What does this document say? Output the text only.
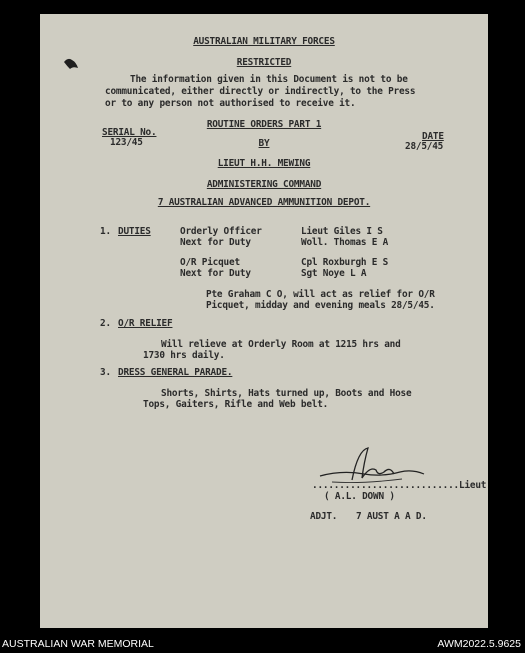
AUSTRALIAN MILITARY FORCES
RESTRICTED
The information given in this Document is not to be
communicated, either directly or indirectly, to the Press
or to any person not authorised to receive it.
ROUTINE ORDERS PART 1
SERIAL No.
123/45
DATE
28/5/45
BY
LIEUT H.H. MEWING
ADMINISTERING COMMAND
7 AUSTRALIAN ADVANCED AMMUNITION DEPOT.
1. DUTIES	Orderly Officer	Lieut Giles I S
Next for Duty	Woll. Thomas E A
O/R Picquet	Cpl Roxburgh E S
Next for Duty	Sgt Noye L A
Pte Graham C O, will act as relief for O/R
Picquet, midday and evening meals 28/5/45.
2. O/R RELIEF
Will relieve at Orderly Room at 1215 hrs and
1730 hrs daily.
3. DRESS GENERAL PARADE.
Shorts, Shirts, Hats turned up, Boots and Hose
Tops, Gaiters, Rifle and Web belt.
...........................Lieut
( A.L. DOWN )
ADJT. 7 AUST A A D.
AUSTRALIAN WAR MEMORIAL	AWM2022.5.9625
